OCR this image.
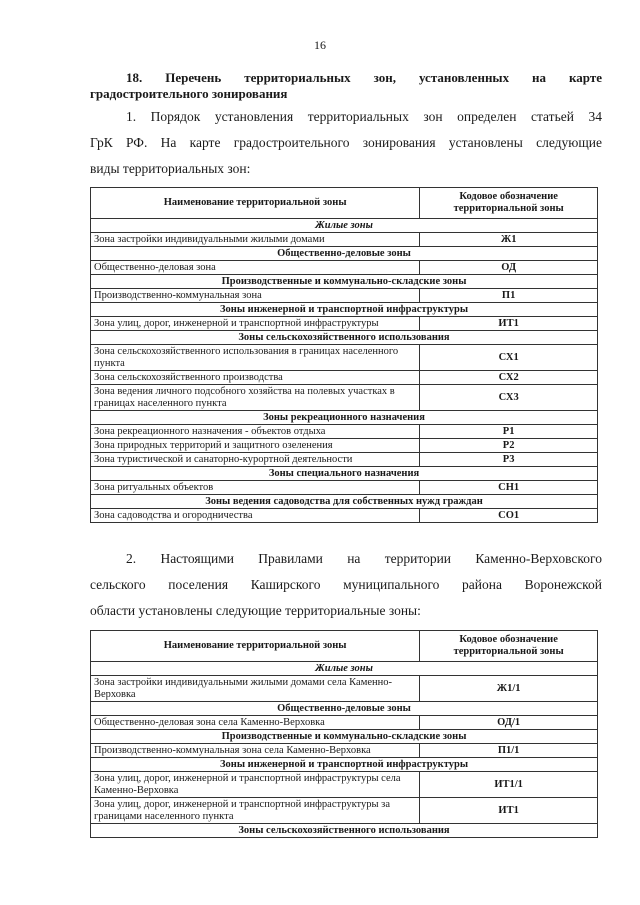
16
18. Перечень территориальных зон, установленных на карте
градостроительного зонирования
1. Порядок установления территориальных зон определен статьей 34
ГрК РФ. На карте градостроительного зонирования установлены следующие
виды территориальных зон:
Наименование территориальной зоны	Кодовое обозначение территориальной зоны
Жилые зоны	
Зона застройки индивидуальными жилыми домами	Ж1
Общественно-деловые зоны	
Общественно-деловая зона	ОД
Производственные и коммунально-складские зоны	
Производственно-коммунальная зона	П1
Зоны инженерной и транспортной инфраструктуры	
Зона улиц, дорог, инженерной и транспортной инфраструктуры	ИТ1
Зоны сельскохозяйственного использования	
Зона сельскохозяйственного использования в границах населенного пункта	СХ1
Зона сельскохозяйственного производства	СХ2
Зона ведения личного подсобного хозяйства на полевых участках в границах населенного пункта	СХ3
Зоны рекреационного назначения	
Зона рекреационного назначения - объектов отдыха	Р1
Зона природных территорий и защитного озеленения	Р2
Зона туристической и санаторно-курортной деятельности	Р3
Зоны специального назначения	
Зона ритуальных объектов	СН1
Зоны ведения садоводства для собственных нужд граждан	
Зона садоводства и огородничества	СО1
2. Настоящими Правилами на территории Каменно-Верховского
сельского поселения Каширского муниципального района Воронежской
области установлены следующие территориальные зоны:
Наименование территориальной зоны	Кодовое обозначение территориальной зоны
Жилые зоны	
Зона застройки индивидуальными жилыми домами села Каменно-Верховка	Ж1/1
Общественно-деловые зоны	
Общественно-деловая зона села Каменно-Верховка	ОД/1
Производственные и коммунально-складские зоны	
Производственно-коммунальная зона села Каменно-Верховка	П1/1
Зоны инженерной и транспортной инфраструктуры	
Зона улиц, дорог, инженерной и транспортной инфраструктуры села Каменно-Верховка	ИТ1/1
Зона улиц, дорог, инженерной и транспортной инфраструктуры за границами населенного пункта	ИТ1
Зоны сельскохозяйственного использования	
